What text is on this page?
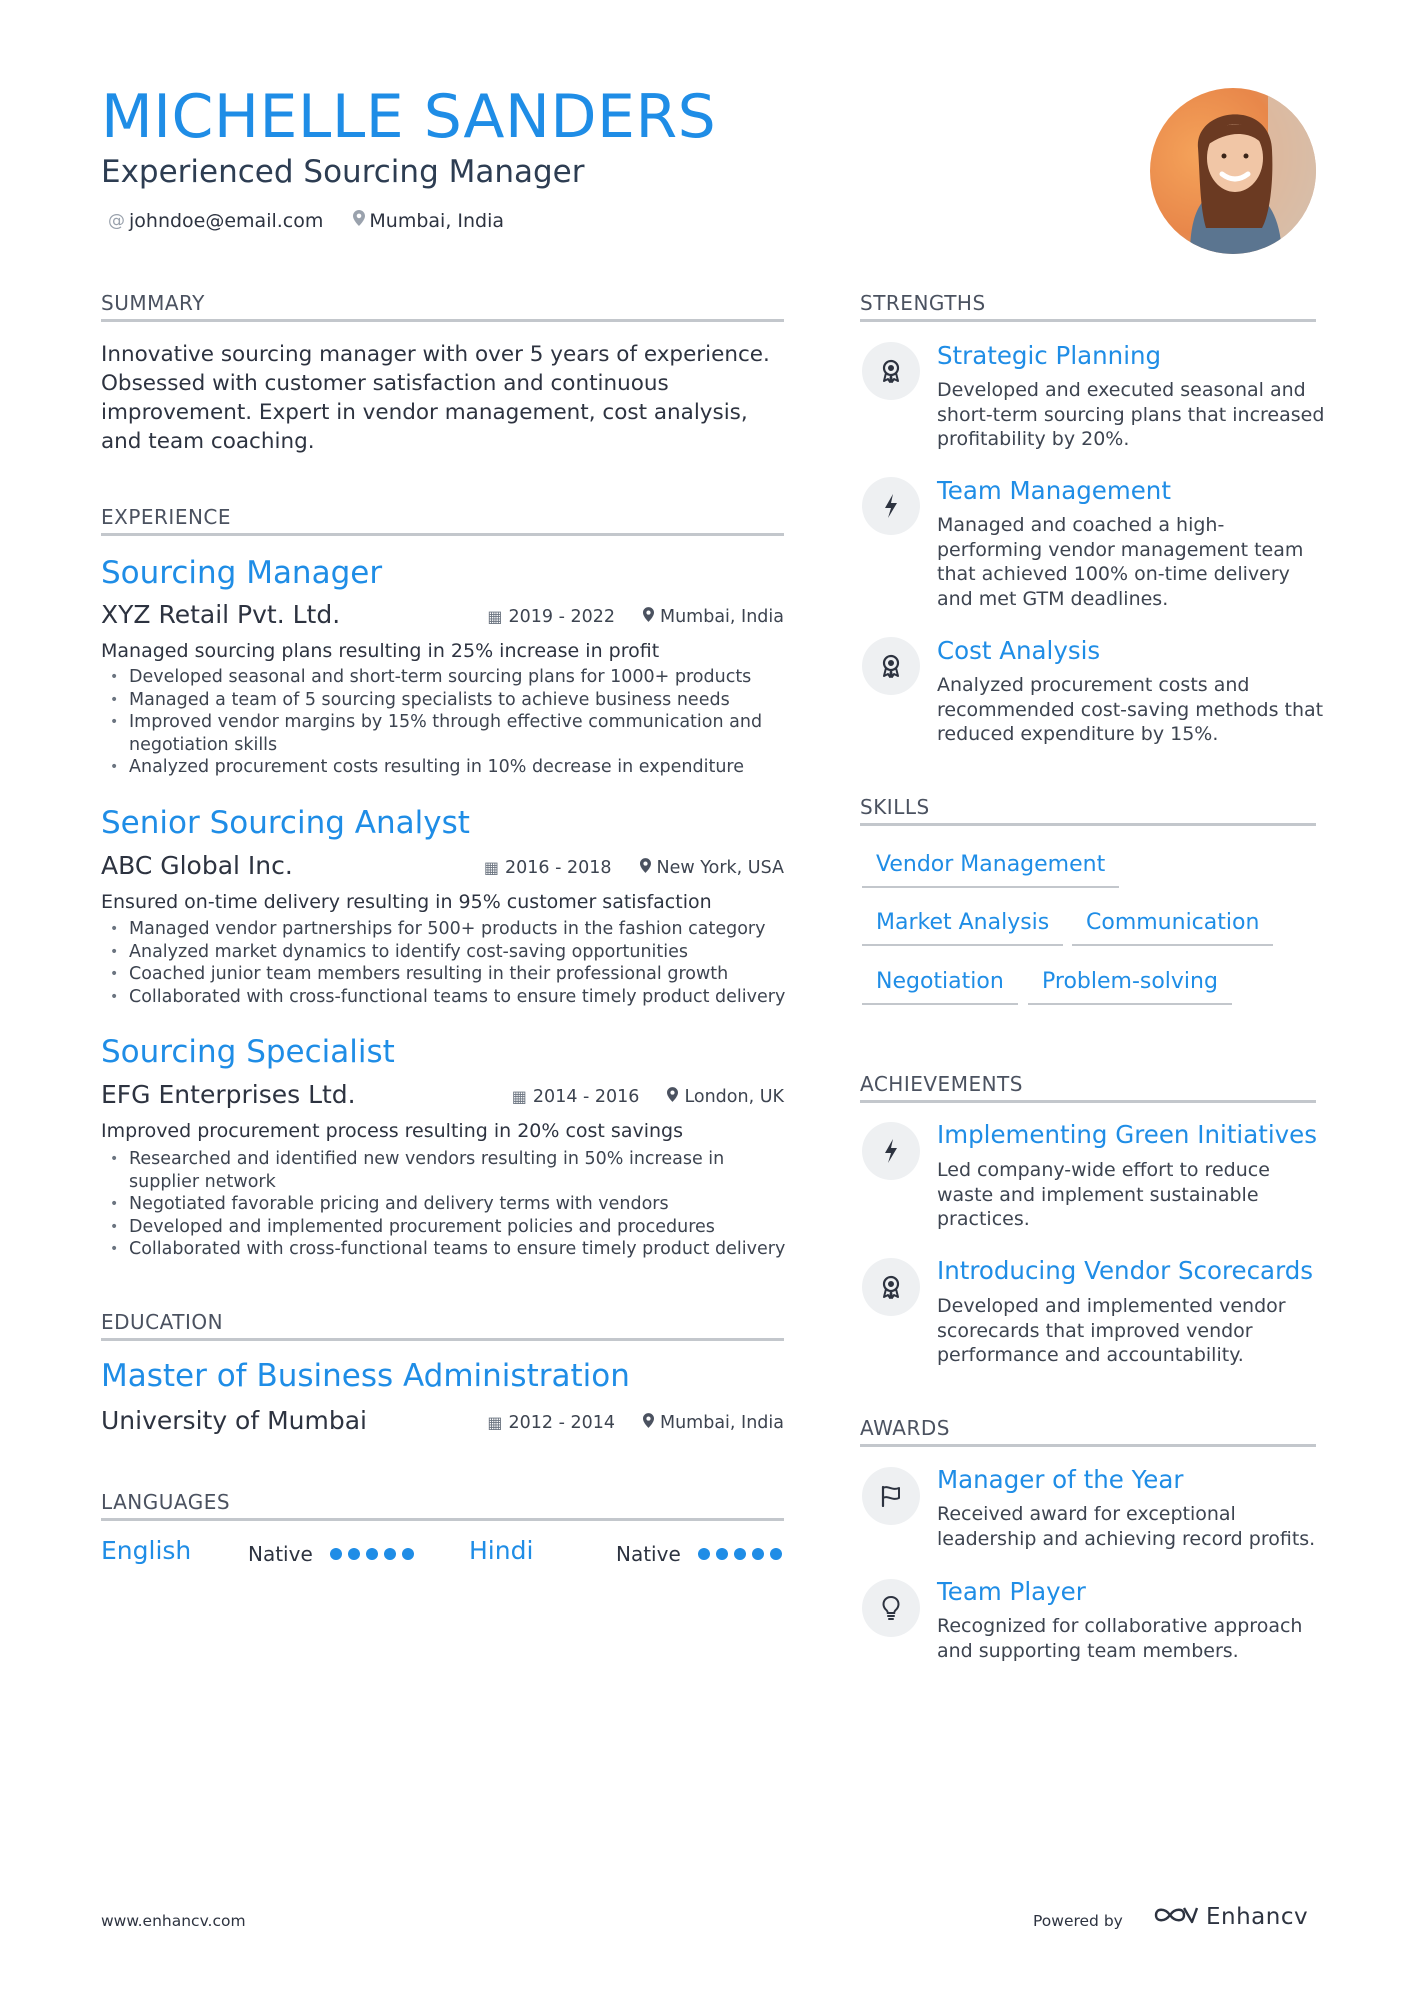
MICHELLE SANDERS
Experienced Sourcing Manager
@ johndoe@email.com Mumbai, India
SUMMARY
Innovative sourcing manager with over 5 years of experience. Obsessed with customer satisfaction and continuous improvement. Expert in vendor management, cost analysis, and team coaching.
EXPERIENCE
Sourcing Manager
XYZ Retail Pvt. Ltd.	▦ 2019 - 2022	Mumbai, India
Managed sourcing plans resulting in 25% increase in profit
• Developed seasonal and short-term sourcing plans for 1000+ products
• Managed a team of 5 sourcing specialists to achieve business needs
• Improved vendor margins by 15% through effective communication and negotiation skills
• Analyzed procurement costs resulting in 10% decrease in expenditure
Senior Sourcing Analyst
ABC Global Inc.	▦ 2016 - 2018	New York, USA
Ensured on-time delivery resulting in 95% customer satisfaction
• Managed vendor partnerships for 500+ products in the fashion category
• Analyzed market dynamics to identify cost-saving opportunities
• Coached junior team members resulting in their professional growth
• Collaborated with cross-functional teams to ensure timely product delivery
Sourcing Specialist
EFG Enterprises Ltd.	▦ 2014 - 2016	London, UK
Improved procurement process resulting in 20% cost savings
• Researched and identified new vendors resulting in 50% increase in supplier network
• Negotiated favorable pricing and delivery terms with vendors
• Developed and implemented procurement policies and procedures
• Collaborated with cross-functional teams to ensure timely product delivery
EDUCATION
Master of Business Administration
University of Mumbai	▦ 2012 - 2014	Mumbai, India
LANGUAGES
English	Native	Hindi	Native
STRENGTHS
Strategic Planning
Developed and executed seasonal and short-term sourcing plans that increased profitability by 20%.
Team Management
Managed and coached a high-performing vendor management team that achieved 100% on-time delivery and met GTM deadlines.
Cost Analysis
Analyzed procurement costs and recommended cost-saving methods that reduced expenditure by 15%.
SKILLS
Vendor Management
Market Analysis	Communication
Negotiation	Problem-solving
ACHIEVEMENTS
Implementing Green Initiatives
Led company-wide effort to reduce waste and implement sustainable practices.
Introducing Vendor Scorecards
Developed and implemented vendor scorecards that improved vendor performance and accountability.
AWARDS
Manager of the Year
Received award for exceptional leadership and achieving record profits.
Team Player
Recognized for collaborative approach and supporting team members.
www.enhancv.com	Powered by	Enhancv
